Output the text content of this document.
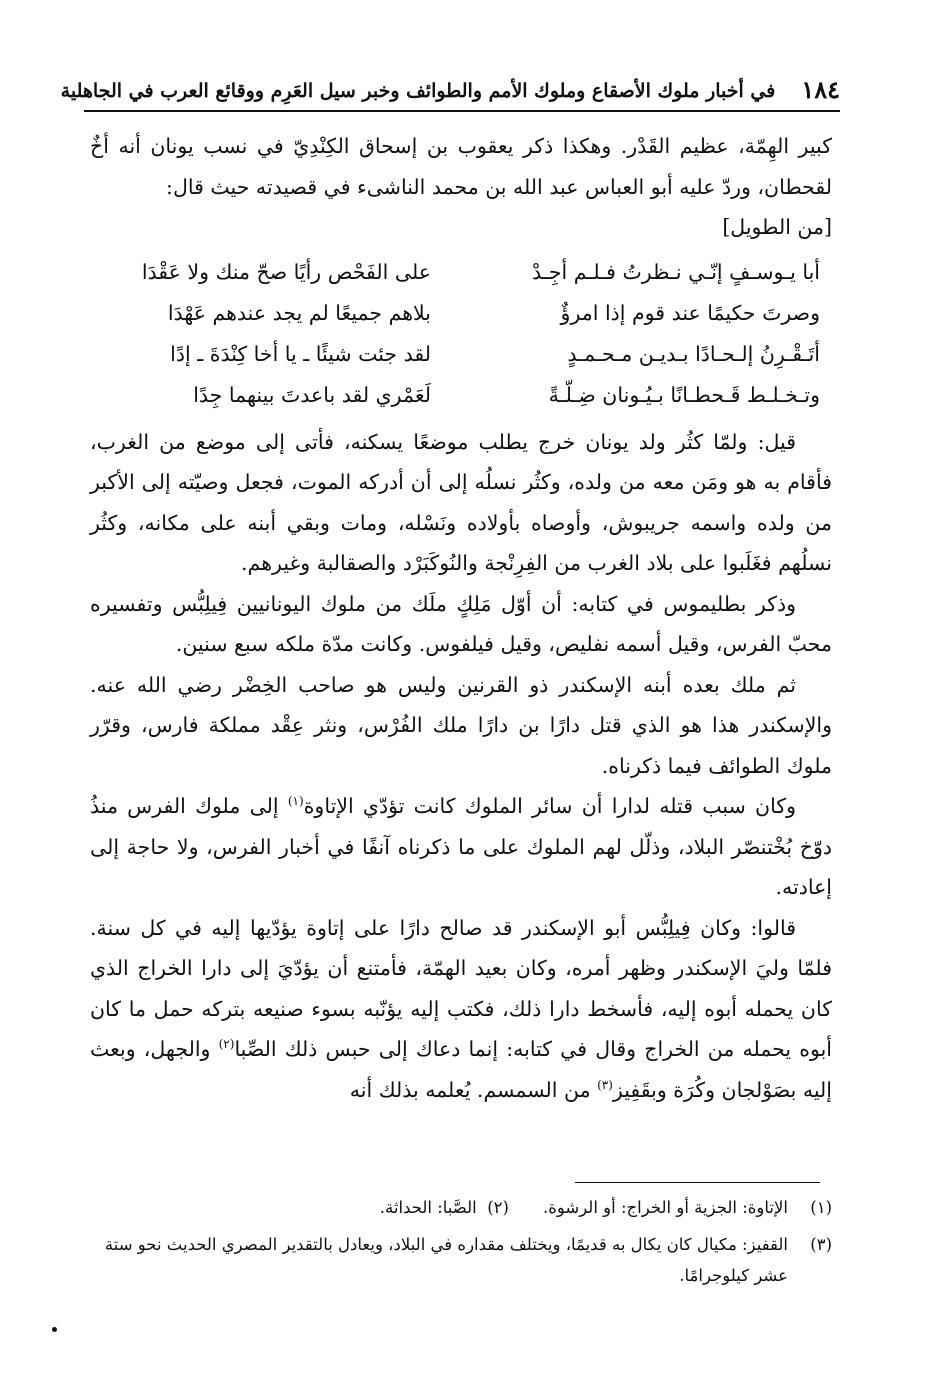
١٨٤
في أخبار ملوك الأصقاع وملوك الأمم والطوائف وخبر سيل العَرِم ووقائع العرب في الجاهلية

كبير الهِمّة، عظيم القَدْر. وهكذا ذكر يعقوب بن إسحاق الكِنْدِيّ في نسب يونان أنه أخٌ لقحطان، وردّ عليه أبو العباس عبد الله بن محمد الناشىء في قصيدته حيث قال:

[من الطويل]

أبا يـوسـفٍ إنّـي نـظرتُ فـلـم أجِـدْ
على الفَحْص رأيًا صحّ منك ولا عَقْدَا
وصرتَ حكيمًا عند قوم إذا امرؤٌ
بلاهم جميعًا لم يجد عندهم عَهْدَا
أتَـقْـرِنُ إلـحـادًا بـديـن مـحـمـدٍ
لقد جئت شيئًا ـ يا أخا كِنْدَةَ ـ إدًا
وتـخـلـط قَـحطـانًا بـيُـونان ضِـلّـةً
لَعَمْري لقد باعدتَ بينهما جِدًا

قيل: ولمّا كثُر ولد يونان خرج يطلب موضعًا يسكنه، فأتى إلى موضع من الغرب، فأقام به هو ومَن معه من ولده، وكثُر نسلُه إلى أن أدركه الموت، فجعل وصيّته إلى الأكبر من ولده واسمه جريبوش، وأوصاه بأولاده ونَسْله، ومات وبقي أبنه على مكانه، وكثُر نسلُهم فغَلَبوا على بلاد الغرب من الفِرِنْجة والنُوكَبَرْد والصقالبة وغيرهم.

وذكر بطليموس في كتابه: أن أوّل مَلِكٍ ملَك من ملوك اليونانيين فِيلِبُّس وتفسيره محبّ الفرس، وقيل أسمه نفليص، وقيل فيلفوس. وكانت مدّة ملكه سبع سنين.

ثم ملك بعده أبنه الإسكندر ذو القرنين وليس هو صاحب الخِضْر رضي الله عنه. والإسكندر هذا هو الذي قتل دارًا بن دارًا ملك الفُرْس، ونثر عِقْد مملكة فارس، وقرّر ملوك الطوائف فيما ذكرناه.

وكان سبب قتله لدارا أن سائر الملوك كانت تؤدّي الإتاوة$^{(١)}$ إلى ملوك الفرس منذُ دوّخ بُخْتنصّر البلاد، وذلّل لهم الملوك على ما ذكرناه آنفًا في أخبار الفرس، ولا حاجة إلى إعادته.

قالوا: وكان فِيلِبُّس أبو الإسكندر قد صالح دارًا على إتاوة يؤدّيها إليه في كل سنة. فلمّا وليَ الإسكندر وظهر أمره، وكان بعيد الهمّة، فأمتنع أن يؤدّيَ إلى دارا الخراج الذي كان يحمله أبوه إليه، فأسخط دارا ذلك، فكتب إليه يؤنّبه بسوء صنيعه بتركه حمل ما كان أبوه يحمله من الخراج وقال في كتابه: إنما دعاك إلى حبس ذلك الصِّبا$^{(٢)}$ والجهل، وبعث إليه بصَوْلجان وكُرَة وبقَفِيز$^{(٣)}$ من السمسم. يُعلمه بذلك أنه

(١)
الإتاوة: الجزية أو الخراج: أو الرشوة.(٢)  الصَّبا: الحداثة.
(٣)
القفيز: مكيال كان يكال به قديمًا، ويختلف مقداره في البلاد، ويعادل بالتقدير المصري الحديث نحو ستة عشر كيلوجرامًا.
